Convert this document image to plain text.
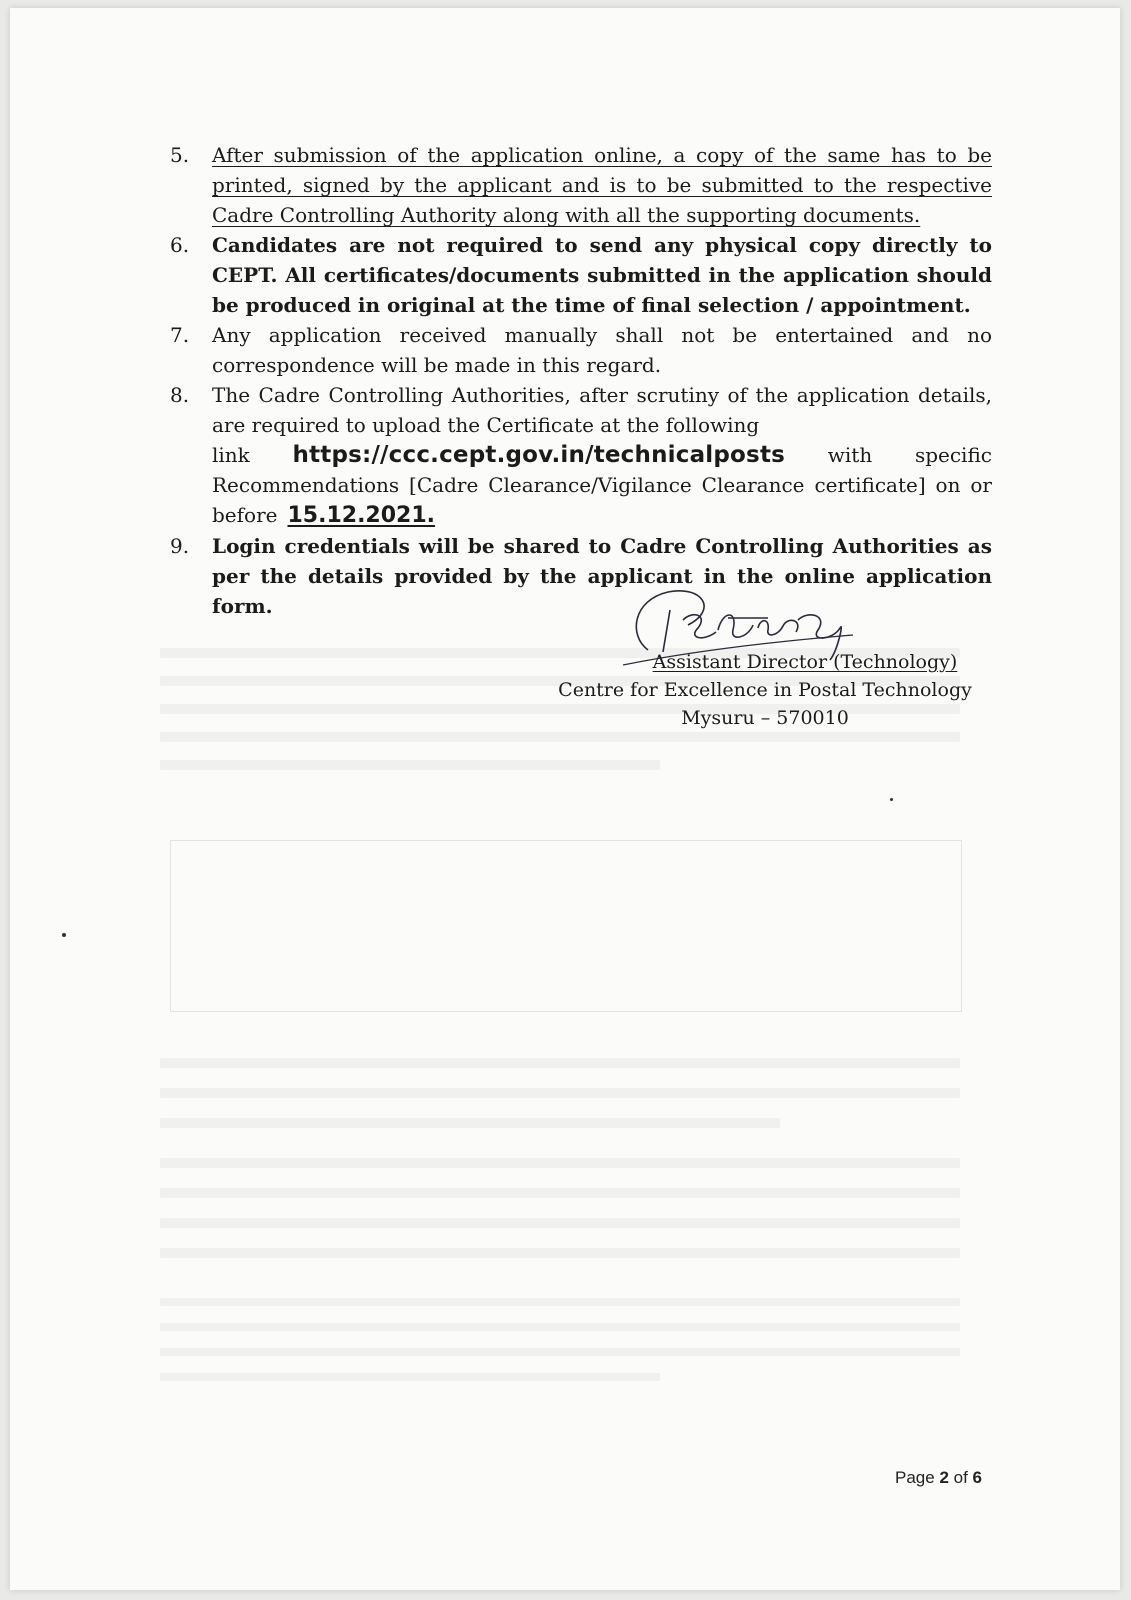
5.	After submission of the application online, a copy of the same has to be printed, signed by the applicant and is to be submitted to the respective Cadre Controlling Authority along with all the supporting documents.
6.	Candidates are not required to send any physical copy directly to CEPT. All certificates/documents submitted in the application should be produced in original at the time of final selection / appointment.
7.	Any application received manually shall not be entertained and no correspondence will be made in this regard.
8.	The Cadre Controlling Authorities, after scrutiny of the application details, are required to upload the Certificate at the following
link https://ccc.cept.gov.in/technicalposts with specific
Recommendations [Cadre Clearance/Vigilance Clearance certificate] on or before 15.12.2021.
9.	Login credentials will be shared to Cadre Controlling Authorities as per the details provided by the applicant in the online application form.
Assistant Director (Technology)
Centre for Excellence in Postal Technology
Mysuru – 570010
Page 2 of 6
